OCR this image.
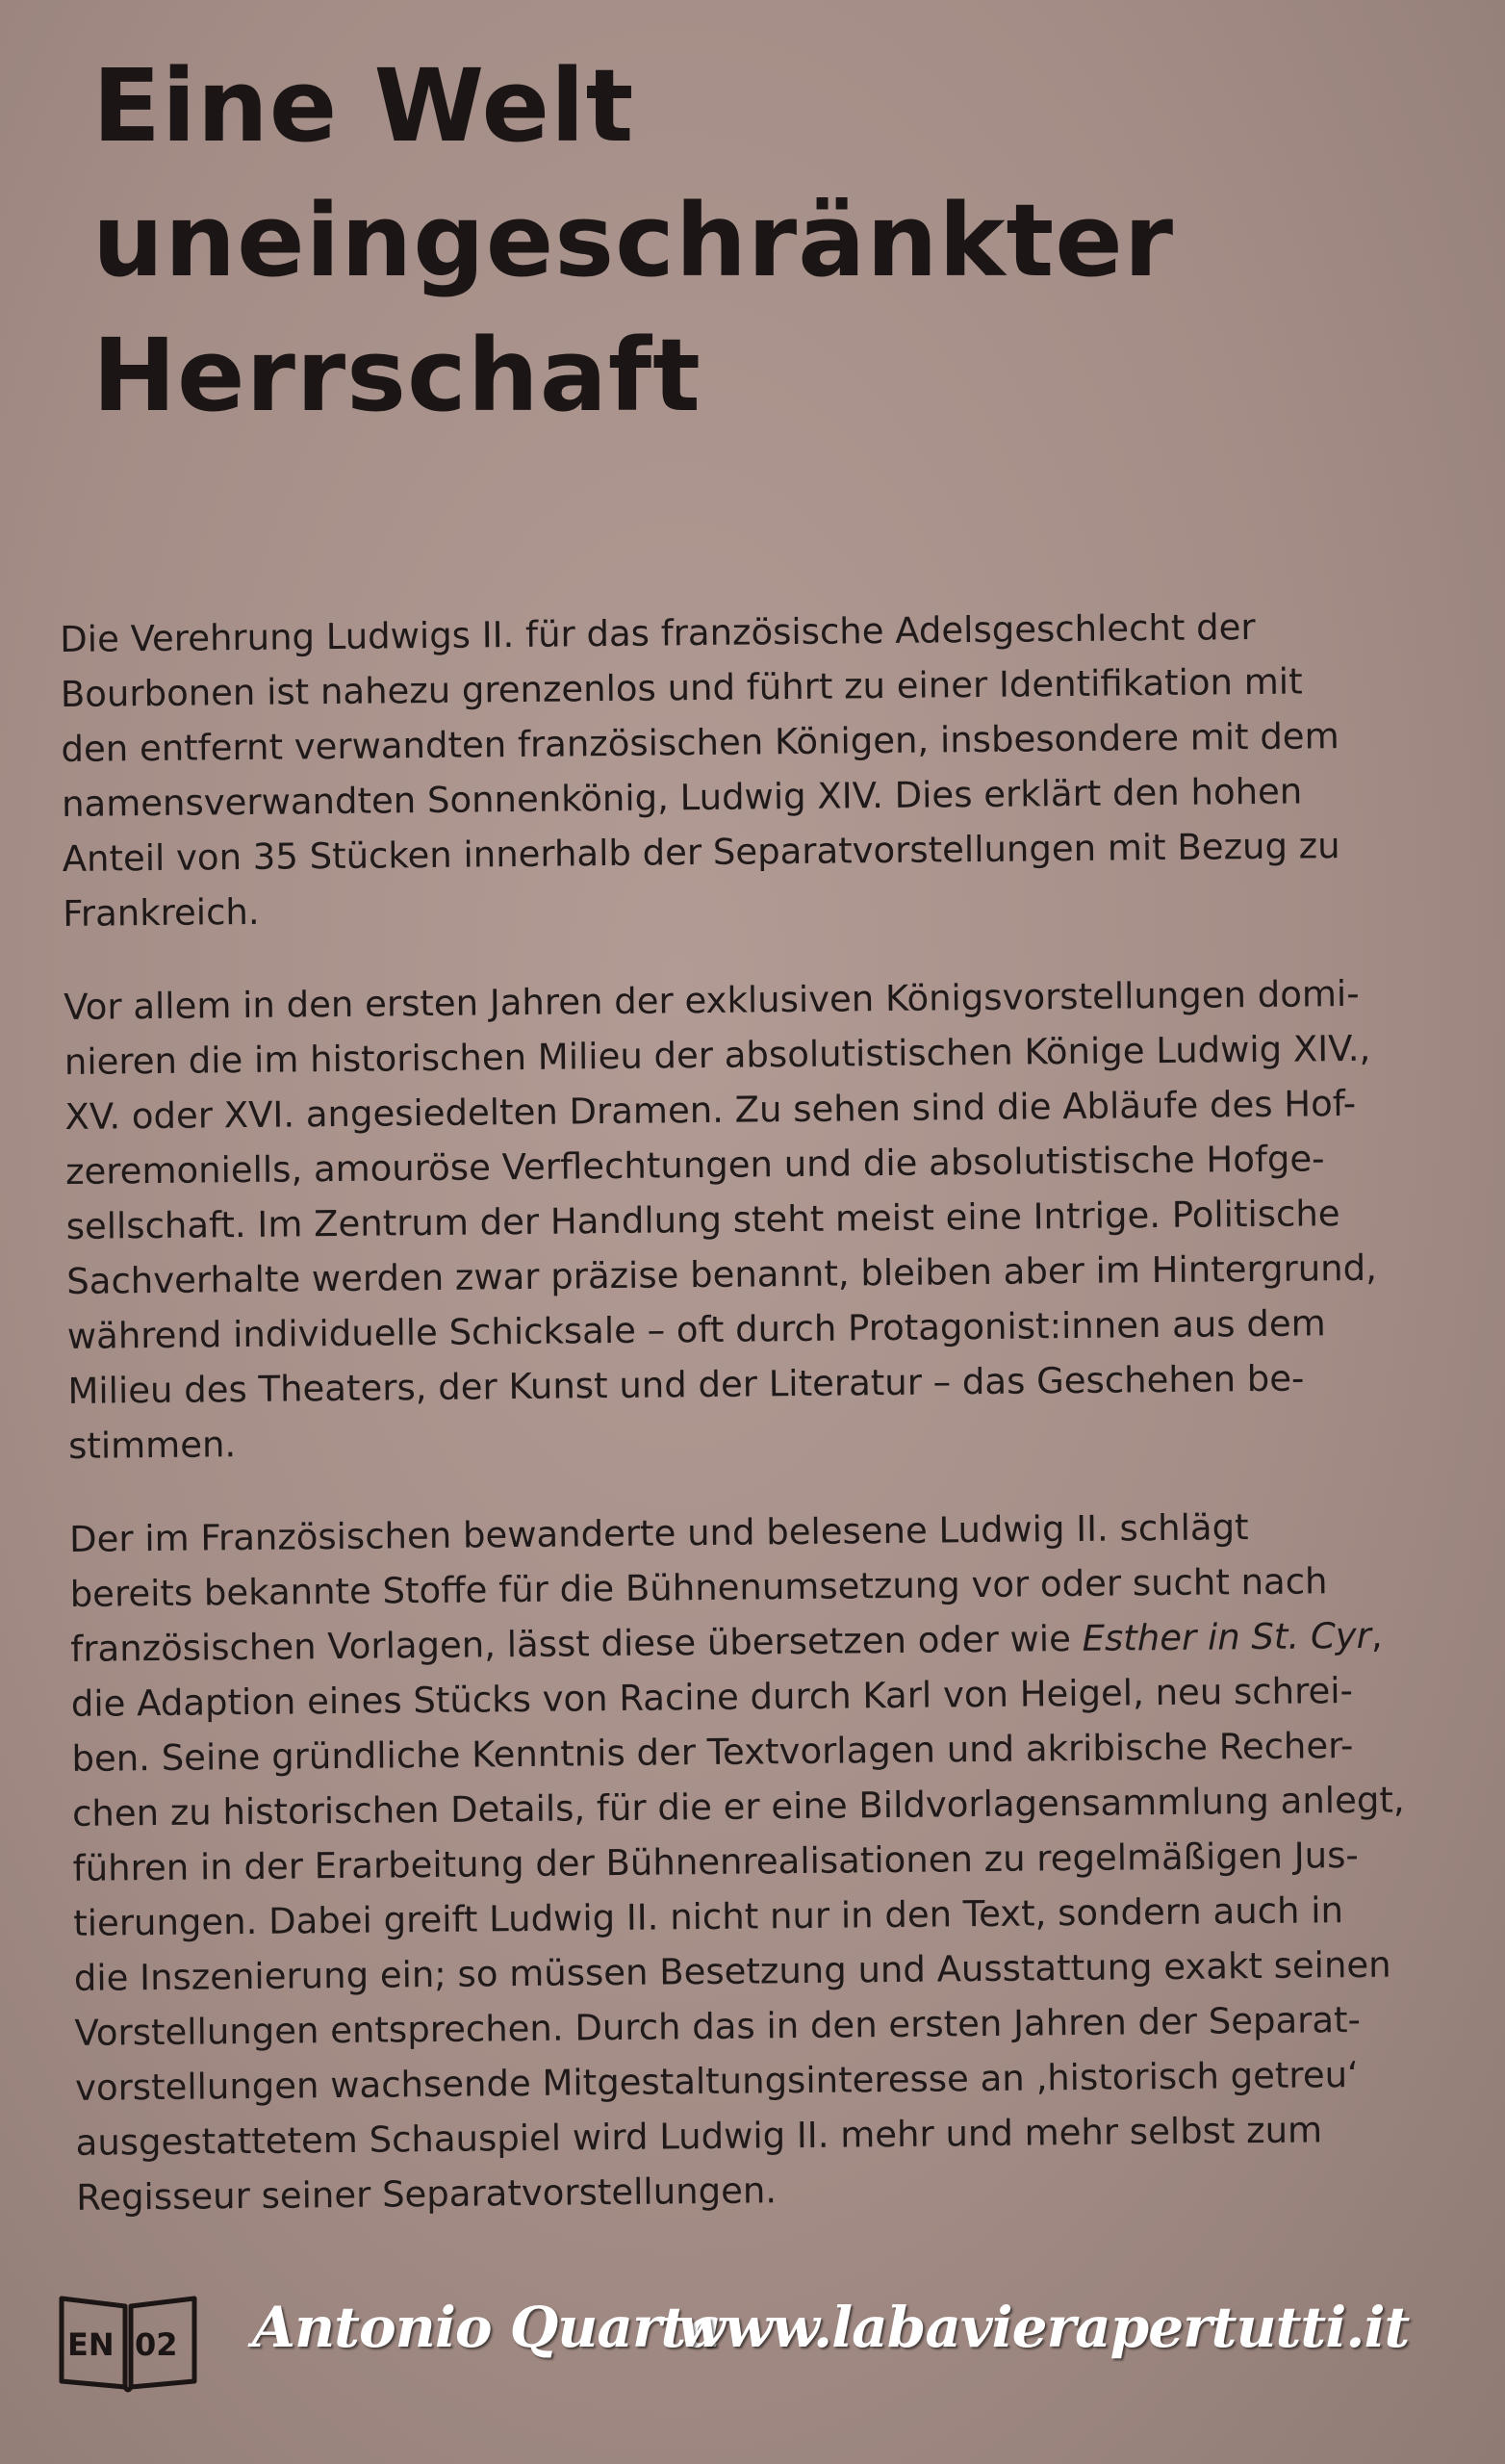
Eine Welt
uneingeschränkter
Herrschaft

Die Verehrung Ludwigs II. für das französische Adelsgeschlecht der
Bourbonen ist nahezu grenzenlos und führt zu einer Identifikation mit
den entfernt verwandten französischen Königen, insbesondere mit dem
namensverwandten Sonnenkönig, Ludwig XIV. Dies erklärt den hohen
Anteil von 35 Stücken innerhalb der Separatvorstellungen mit Bezug zu
Frankreich.

Vor allem in den ersten Jahren der exklusiven Königsvorstellungen domi-
nieren die im historischen Milieu der absolutistischen Könige Ludwig XIV.,
XV. oder XVI. angesiedelten Dramen. Zu sehen sind die Abläufe des Hof-
zeremoniells, amouröse Verflechtungen und die absolutistische Hofge-
sellschaft. Im Zentrum der Handlung steht meist eine Intrige. Politische
Sachverhalte werden zwar präzise benannt, bleiben aber im Hintergrund,
während individuelle Schicksale – oft durch Protagonist:innen aus dem
Milieu des Theaters, der Kunst und der Literatur – das Geschehen be-
stimmen.

Der im Französischen bewanderte und belesene Ludwig II. schlägt
bereits bekannte Stoffe für die Bühnenumsetzung vor oder sucht nach
französischen Vorlagen, lässt diese übersetzen oder wie Esther in St. Cyr,
die Adaption eines Stücks von Racine durch Karl von Heigel, neu schrei-
ben. Seine gründliche Kenntnis der Textvorlagen und akribische Recher-
chen zu historischen Details, für die er eine Bildvorlagensammlung anlegt,
führen in der Erarbeitung der Bühnenrealisationen zu regelmäßigen Jus-
tierungen. Dabei greift Ludwig II. nicht nur in den Text, sondern auch in
die Inszenierung ein; so müssen Besetzung und Ausstattung exakt seinen
Vorstellungen entsprechen. Durch das in den ersten Jahren der Separat-
vorstellungen wachsende Mitgestaltungsinteresse an ‚historisch getreu‘
ausgestattetem Schauspiel wird Ludwig II. mehr und mehr selbst zum
Regisseur seiner Separatvorstellungen.

EN 02 Antonio Quarta
www.labavierapertutti.it
